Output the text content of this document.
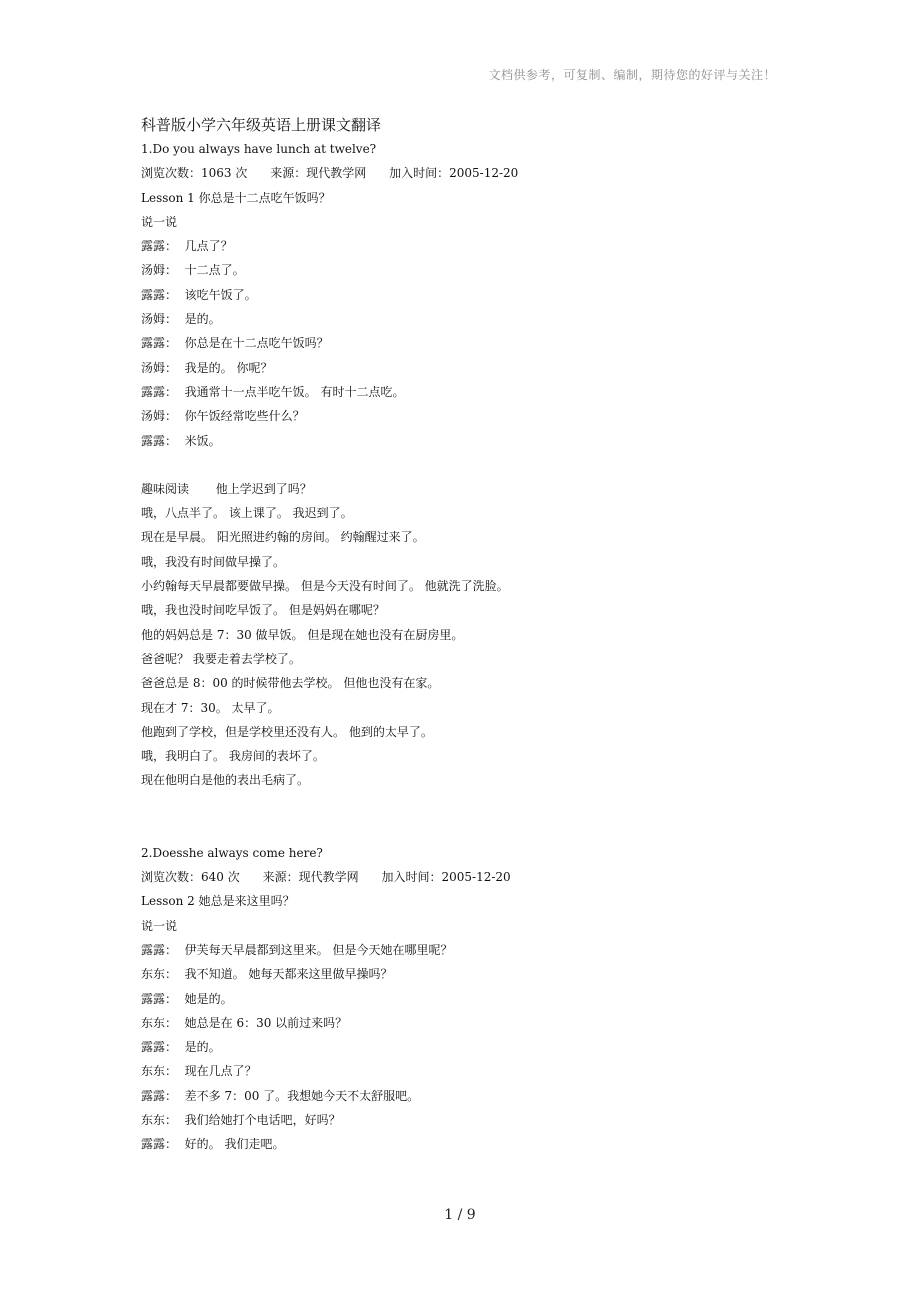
文档供参考，可复制、编制，期待您的好评与关注！
科普版小学六年级英语上册课文翻译
1.Do you always have lunch at twelve?
浏览次数：1063 次      来源：现代教学网      加入时间：2005-12-20
Lesson 1 你总是十二点吃午饭吗？
说一说
露露：  几点了？
汤姆：  十二点了。
露露：  该吃午饭了。
汤姆：  是的。
露露：  你总是在十二点吃午饭吗？
汤姆：  我是的。 你呢？
露露：  我通常十一点半吃午饭。 有时十二点吃。
汤姆：  你午饭经常吃些什么？
露露：  米饭。
趣味阅读       他上学迟到了吗？
哦，八点半了。 该上课了。 我迟到了。
现在是早晨。 阳光照进约翰的房间。 约翰醒过来了。
哦，我没有时间做早操了。
小约翰每天早晨都要做早操。 但是今天没有时间了。 他就洗了洗脸。
哦，我也没时间吃早饭了。 但是妈妈在哪呢？
他的妈妈总是 7：30 做早饭。 但是现在她也没有在厨房里。
爸爸呢？ 我要走着去学校了。
爸爸总是 8：00 的时候带他去学校。 但他也没有在家。
现在才 7：30。 太早了。
他跑到了学校，但是学校里还没有人。 他到的太早了。
哦，我明白了。 我房间的表坏了。
现在他明白是他的表出毛病了。
2.Doesshe always come here?
浏览次数：640 次      来源：现代教学网      加入时间：2005-12-20
Lesson 2 她总是来这里吗？
说一说
露露：  伊芙每天早晨都到这里来。 但是今天她在哪里呢？
东东：  我不知道。 她每天都来这里做早操吗？
露露：  她是的。
东东：  她总是在 6：30 以前过来吗？
露露：  是的。
东东：  现在几点了？
露露：  差不多 7：00 了。我想她今天不太舒服吧。
东东：  我们给她打个电话吧，好吗？
露露：  好的。 我们走吧。
1 / 9
